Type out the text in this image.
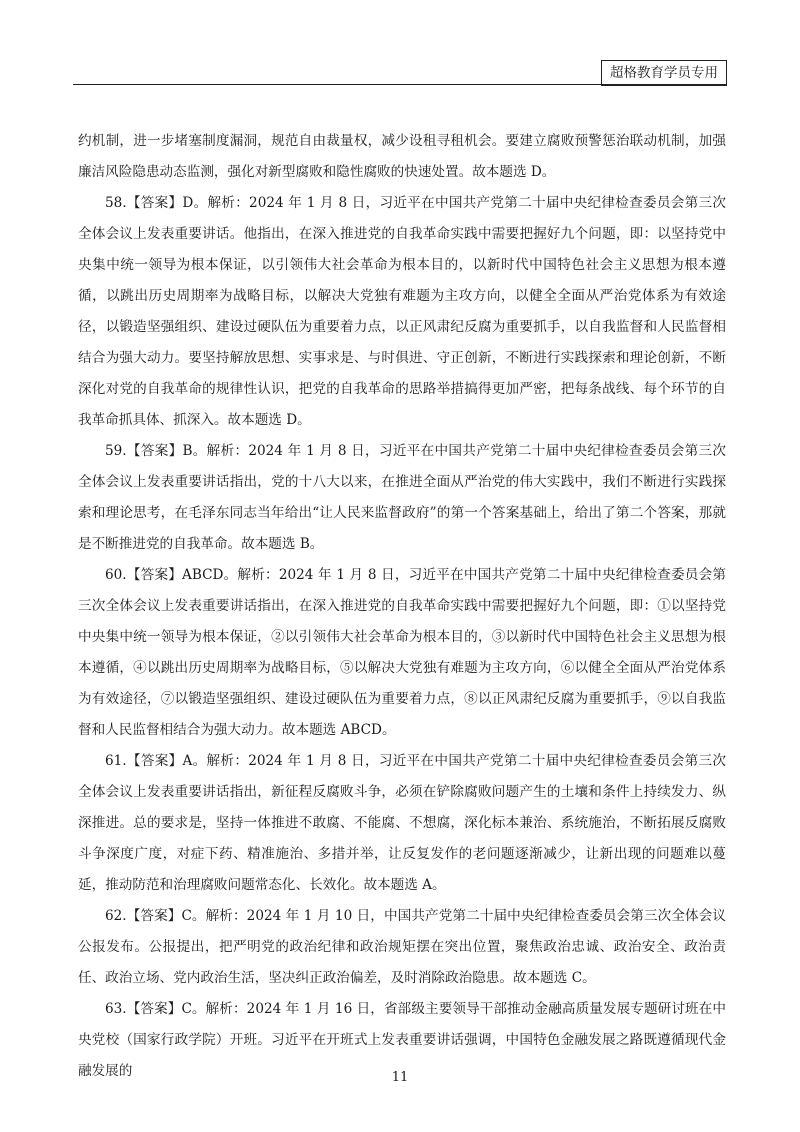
超格教育学员专用

约机制，进一步堵塞制度漏洞，规范自由裁量权，减少设租寻租机会。要建立腐败预警惩治联动机制，加强廉洁风险隐患动态监测，强化对新型腐败和隐性腐败的快速处置。故本题选 D。

58.【答案】D。解析：2024 年 1 月 8 日，习近平在中国共产党第二十届中央纪律检查委员会第三次全体会议上发表重要讲话。他指出，在深入推进党的自我革命实践中需要把握好九个问题，即：以坚持党中央集中统一领导为根本保证，以引领伟大社会革命为根本目的，以新时代中国特色社会主义思想为根本遵循，以跳出历史周期率为战略目标，以解决大党独有难题为主攻方向，以健全全面从严治党体系为有效途径，以锻造坚强组织、建设过硬队伍为重要着力点，以正风肃纪反腐为重要抓手，以自我监督和人民监督相结合为强大动力。要坚持解放思想、实事求是、与时俱进、守正创新，不断进行实践探索和理论创新，不断深化对党的自我革命的规律性认识，把党的自我革命的思路举措搞得更加严密，把每条战线、每个环节的自我革命抓具体、抓深入。故本题选 D。

59.【答案】B。解析：2024 年 1 月 8 日，习近平在中国共产党第二十届中央纪律检查委员会第三次全体会议上发表重要讲话指出，党的十八大以来，在推进全面从严治党的伟大实践中，我们不断进行实践探索和理论思考，在毛泽东同志当年给出“让人民来监督政府”的第一个答案基础上，给出了第二个答案，那就是不断推进党的自我革命。故本题选 B。

60.【答案】ABCD。解析：2024 年 1 月 8 日，习近平在中国共产党第二十届中央纪律检查委员会第三次全体会议上发表重要讲话指出，在深入推进党的自我革命实践中需要把握好九个问题，即：①以坚持党中央集中统一领导为根本保证，②以引领伟大社会革命为根本目的，③以新时代中国特色社会主义思想为根本遵循，④以跳出历史周期率为战略目标，⑤以解决大党独有难题为主攻方向，⑥以健全全面从严治党体系为有效途径，⑦以锻造坚强组织、建设过硬队伍为重要着力点，⑧以正风肃纪反腐为重要抓手，⑨以自我监督和人民监督相结合为强大动力。故本题选 ABCD。

61.【答案】A。解析：2024 年 1 月 8 日，习近平在中国共产党第二十届中央纪律检查委员会第三次全体会议上发表重要讲话指出，新征程反腐败斗争，必须在铲除腐败问题产生的土壤和条件上持续发力、纵深推进。总的要求是，坚持一体推进不敢腐、不能腐、不想腐，深化标本兼治、系统施治，不断拓展反腐败斗争深度广度，对症下药、精准施治、多措并举，让反复发作的老问题逐渐减少，让新出现的问题难以蔓延，推动防范和治理腐败问题常态化、长效化。故本题选 A。

62.【答案】C。解析：2024 年 1 月 10 日，中国共产党第二十届中央纪律检查委员会第三次全体会议公报发布。公报提出，把严明党的政治纪律和政治规矩摆在突出位置，聚焦政治忠诚、政治安全、政治责任、政治立场、党内政治生活，坚决纠正政治偏差，及时消除政治隐患。故本题选 C。

63.【答案】C。解析：2024 年 1 月 16 日，省部级主要领导干部推动金融高质量发展专题研讨班在中央党校（国家行政学院）开班。习近平在开班式上发表重要讲话强调，中国特色金融发展之路既遵循现代金融发展的	11
